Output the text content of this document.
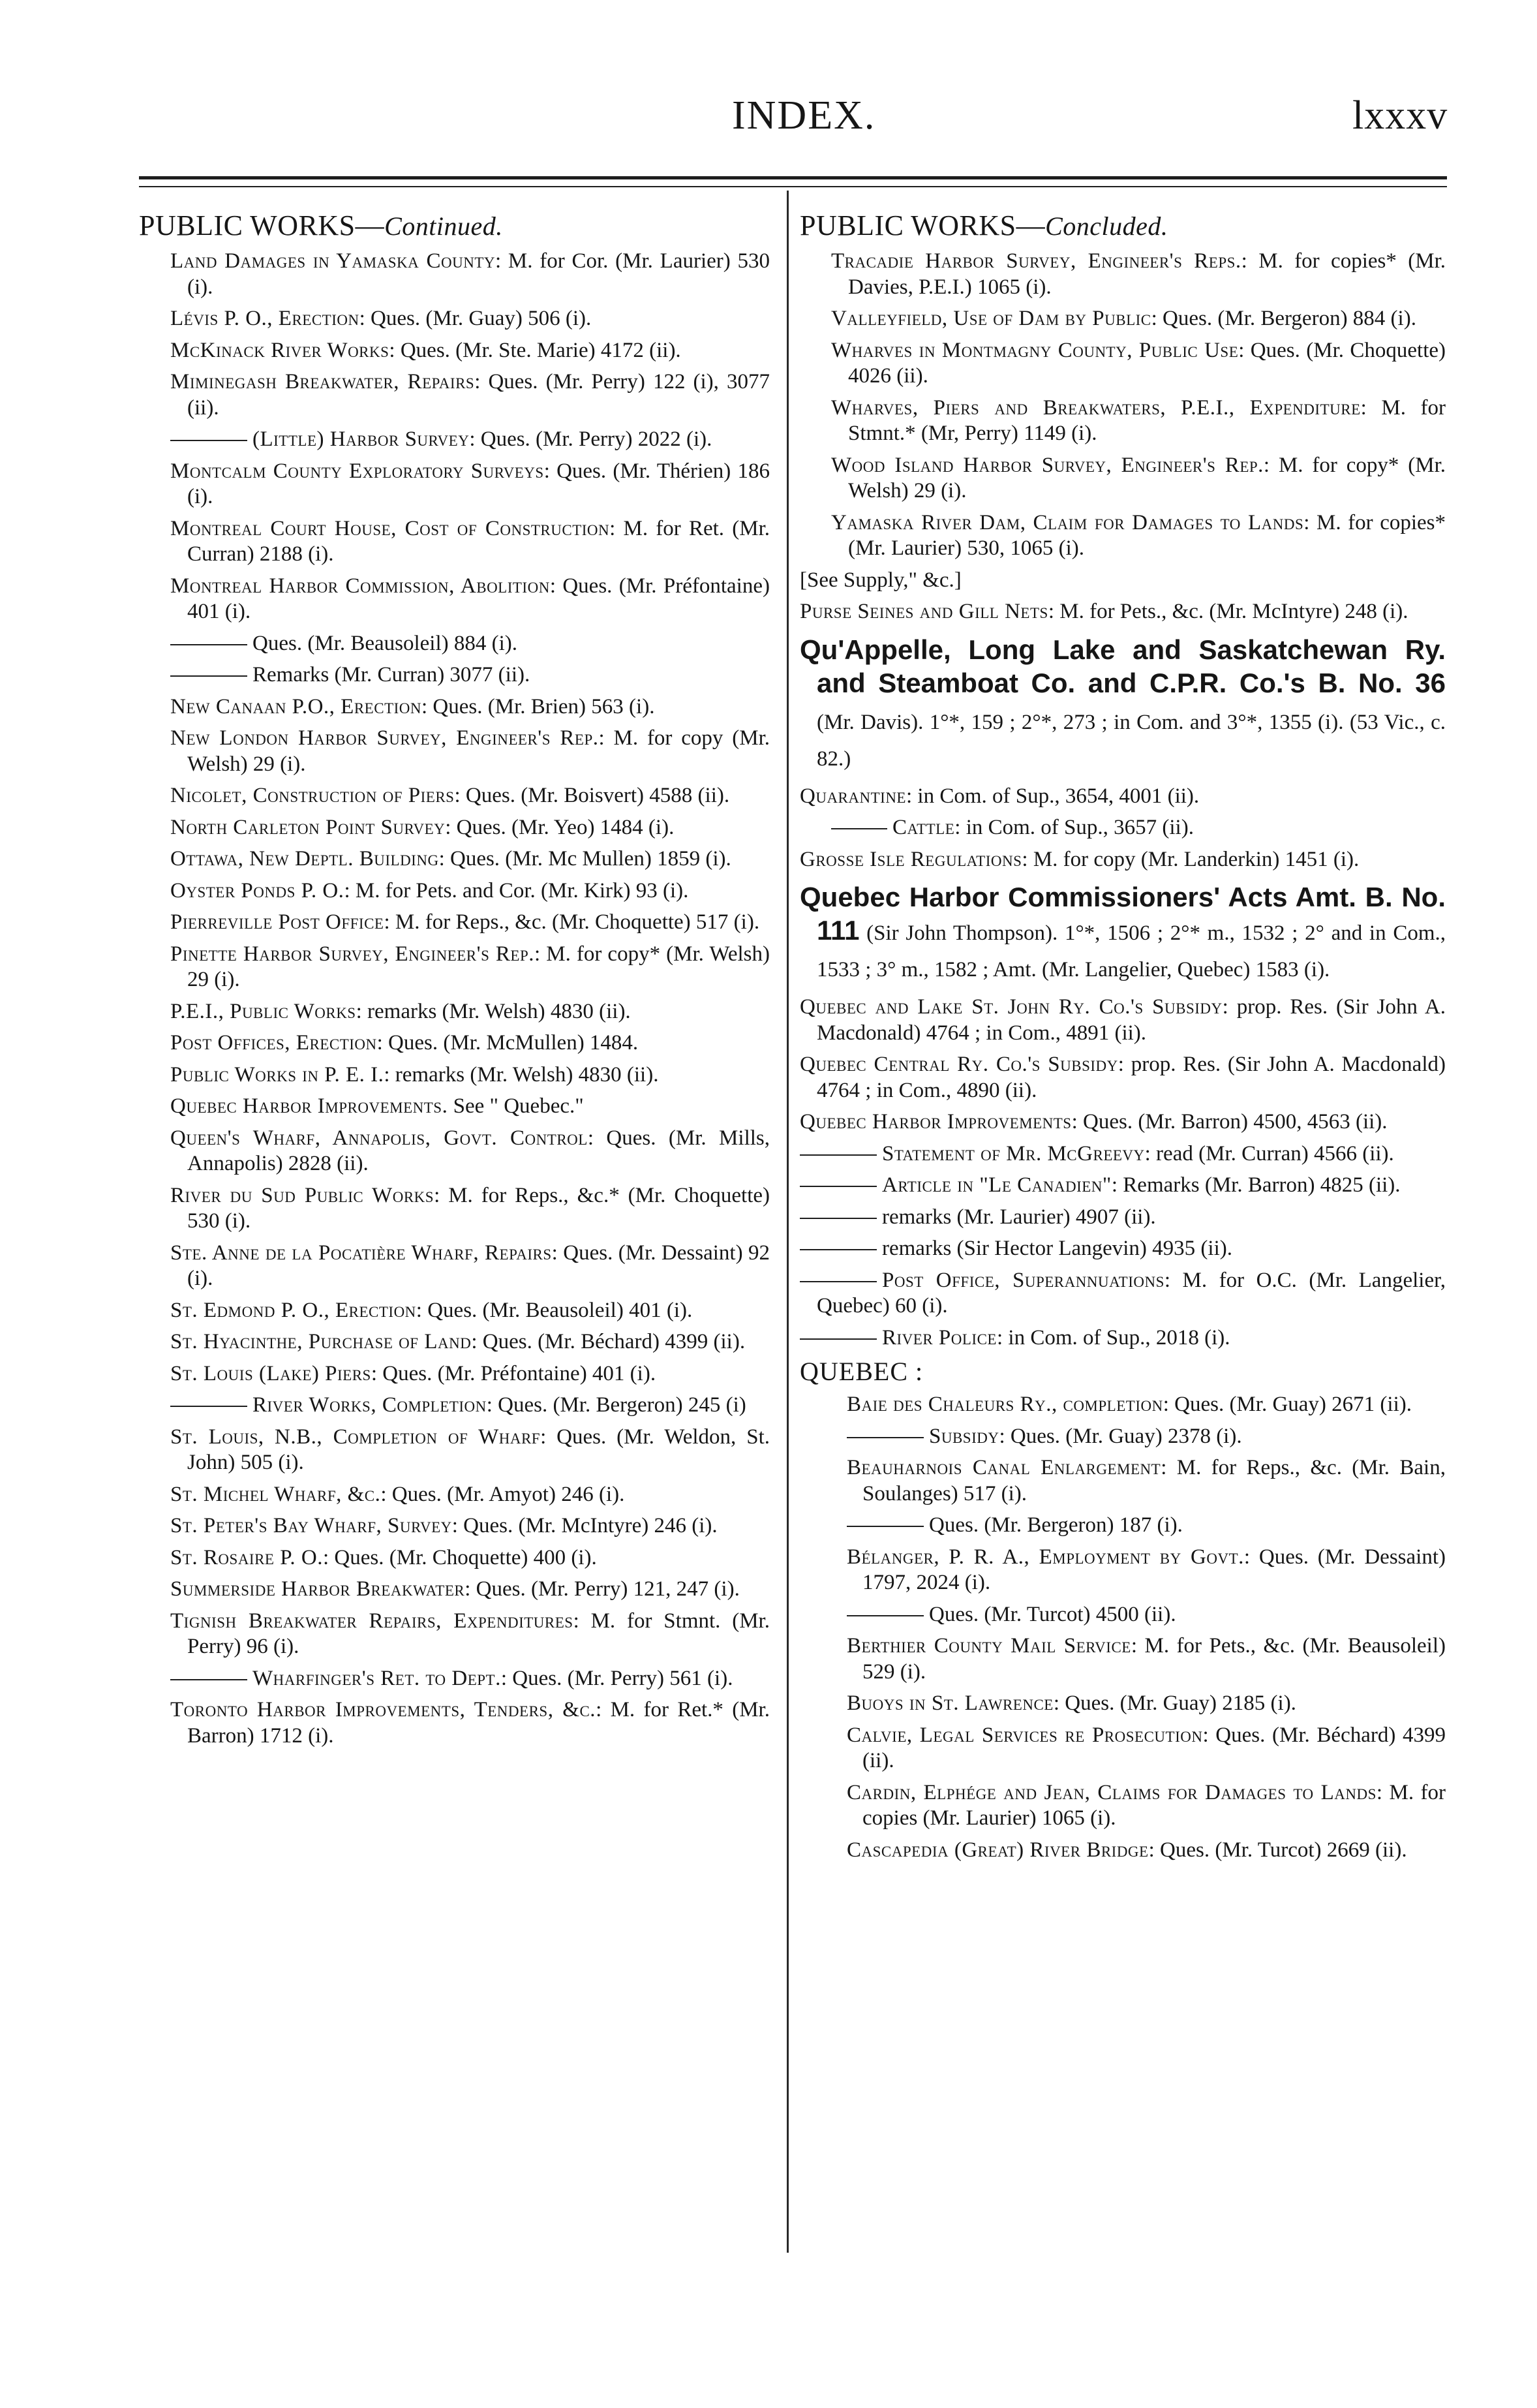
INDEX.	lxxxv
PUBLIC WORKS—Continued.

Land Damages in Yamaska County: M. for Cor. (Mr. Laurier) 530 (i).

Lévis P. O., Erection: Ques. (Mr. Guay) 506 (i).

McKinack River Works: Ques. (Mr. Ste. Marie) 4172 (ii).

Miminegash Breakwater, Repairs: Ques. (Mr. Perry) 122 (i), 3077 (ii).

(Little) Harbor Survey: Ques. (Mr. Perry) 2022 (i).

Montcalm County Exploratory Surveys: Ques. (Mr. Thérien) 186 (i).

Montreal Court House, Cost of Construction: M. for Ret. (Mr. Curran) 2188 (i).

Montreal Harbor Commission, Abolition: Ques. (Mr. Préfontaine) 401 (i).

Ques. (Mr. Beausoleil) 884 (i).

Remarks (Mr. Curran) 3077 (ii).

New Canaan P.O., Erection: Ques. (Mr. Brien) 563 (i).

New London Harbor Survey, Engineer's Rep.: M. for copy (Mr. Welsh) 29 (i).

Nicolet, Construction of Piers: Ques. (Mr. Boisvert) 4588 (ii).

North Carleton Point Survey: Ques. (Mr. Yeo) 1484 (i).

Ottawa, New Deptl. Building: Ques. (Mr. Mc Mullen) 1859 (i).

Oyster Ponds P. O.: M. for Pets. and Cor. (Mr. Kirk) 93 (i).

Pierreville Post Office: M. for Reps., &c. (Mr. Choquette) 517 (i).

Pinette Harbor Survey, Engineer's Rep.: M. for copy* (Mr. Welsh) 29 (i).

P.E.I., Public Works: remarks (Mr. Welsh) 4830 (ii).

Post Offices, Erection: Ques. (Mr. McMullen) 1484.

Public Works in P. E. I.: remarks (Mr. Welsh) 4830 (ii).

Quebec Harbor Improvements. See " Quebec."

Queen's Wharf, Annapolis, Govt. Control: Ques. (Mr. Mills, Annapolis) 2828 (ii).

River du Sud Public Works: M. for Reps., &c.* (Mr. Choquette) 530 (i).

Ste. Anne de la Pocatière Wharf, Repairs: Ques. (Mr. Dessaint) 92 (i).

St. Edmond P. O., Erection: Ques. (Mr. Beausoleil) 401 (i).

St. Hyacinthe, Purchase of Land: Ques. (Mr. Béchard) 4399 (ii).

St. Louis (Lake) Piers: Ques. (Mr. Préfontaine) 401 (i).

River Works, Completion: Ques. (Mr. Bergeron) 245 (i)

St. Louis, N.B., Completion of Wharf: Ques. (Mr. Weldon, St. John) 505 (i).

St. Michel Wharf, &c.: Ques. (Mr. Amyot) 246 (i).

St. Peter's Bay Wharf, Survey: Ques. (Mr. McIntyre) 246 (i).

St. Rosaire P. O.: Ques. (Mr. Choquette) 400 (i).

Summerside Harbor Breakwater: Ques. (Mr. Perry) 121, 247 (i).

Tignish Breakwater Repairs, Expenditures: M. for Stmnt. (Mr. Perry) 96 (i).

Wharfinger's Ret. to Dept.: Ques. (Mr. Perry) 561 (i).

Toronto Harbor Improvements, Tenders, &c.: M. for Ret.* (Mr. Barron) 1712 (i).

PUBLIC WORKS—Concluded.

Tracadie Harbor Survey, Engineer's Reps.: M. for copies* (Mr. Davies, P.E.I.) 1065 (i).

Valleyfield, Use of Dam by Public: Ques. (Mr. Bergeron) 884 (i).

Wharves in Montmagny County, Public Use: Ques. (Mr. Choquette) 4026 (ii).

Wharves, Piers and Breakwaters, P.E.I., Expenditure: M. for Stmnt.* (Mr, Perry) 1149 (i).

Wood Island Harbor Survey, Engineer's Rep.: M. for copy* (Mr. Welsh) 29 (i).

Yamaska River Dam, Claim for Damages to Lands: M. for copies* (Mr. Laurier) 530, 1065 (i).

[See Supply," &c.]

Purse Seines and Gill Nets: M. for Pets., &c. (Mr. McIntyre) 248 (i).

Qu'Appelle, Long Lake and Saskatchewan Ry. and Steamboat Co. and C.P.R. Co.'s B. No. 36 (Mr. Davis). 1°*, 159 ; 2°*, 273 ; in Com. and 3°*, 1355 (i). (53 Vic., c. 82.)

Quarantine: in Com. of Sup., 3654, 4001 (ii).

Cattle: in Com. of Sup., 3657 (ii).

Grosse Isle Regulations: M. for copy (Mr. Landerkin) 1451 (i).

Quebec Harbor Commissioners' Acts Amt. B. No. 111 (Sir John Thompson). 1°*, 1506 ; 2°* m., 1532 ; 2° and in Com., 1533 ; 3° m., 1582 ; Amt. (Mr. Langelier, Quebec) 1583 (i).

Quebec and Lake St. John Ry. Co.'s Subsidy: prop. Res. (Sir John A. Macdonald) 4764 ; in Com., 4891 (ii).

Quebec Central Ry. Co.'s Subsidy: prop. Res. (Sir John A. Macdonald) 4764 ; in Com., 4890 (ii).

Quebec Harbor Improvements: Ques. (Mr. Barron) 4500, 4563 (ii).

Statement of Mr. McGreevy: read (Mr. Curran) 4566 (ii).

Article in "Le Canadien": Remarks (Mr. Barron) 4825 (ii).

remarks (Mr. Laurier) 4907 (ii).

remarks (Sir Hector Langevin) 4935 (ii).

Post Office, Superannuations: M. for O.C. (Mr. Langelier, Quebec) 60 (i).

River Police: in Com. of Sup., 2018 (i).

QUEBEC :

Baie des Chaleurs Ry., completion: Ques. (Mr. Guay) 2671 (ii).

Subsidy: Ques. (Mr. Guay) 2378 (i).

Beauharnois Canal Enlargement: M. for Reps., &c. (Mr. Bain, Soulanges) 517 (i).

Ques. (Mr. Bergeron) 187 (i).

Bélanger, P. R. A., Employment by Govt.: Ques. (Mr. Dessaint) 1797, 2024 (i).

Ques. (Mr. Turcot) 4500 (ii).

Berthier County Mail Service: M. for Pets., &c. (Mr. Beausoleil) 529 (i).

Buoys in St. Lawrence: Ques. (Mr. Guay) 2185 (i).

Calvie, Legal Services re Prosecution: Ques. (Mr. Béchard) 4399 (ii).

Cardin, Elphége and Jean, Claims for Damages to Lands: M. for copies (Mr. Laurier) 1065 (i).

Cascapedia (Great) River Bridge: Ques. (Mr. Turcot) 2669 (ii).
